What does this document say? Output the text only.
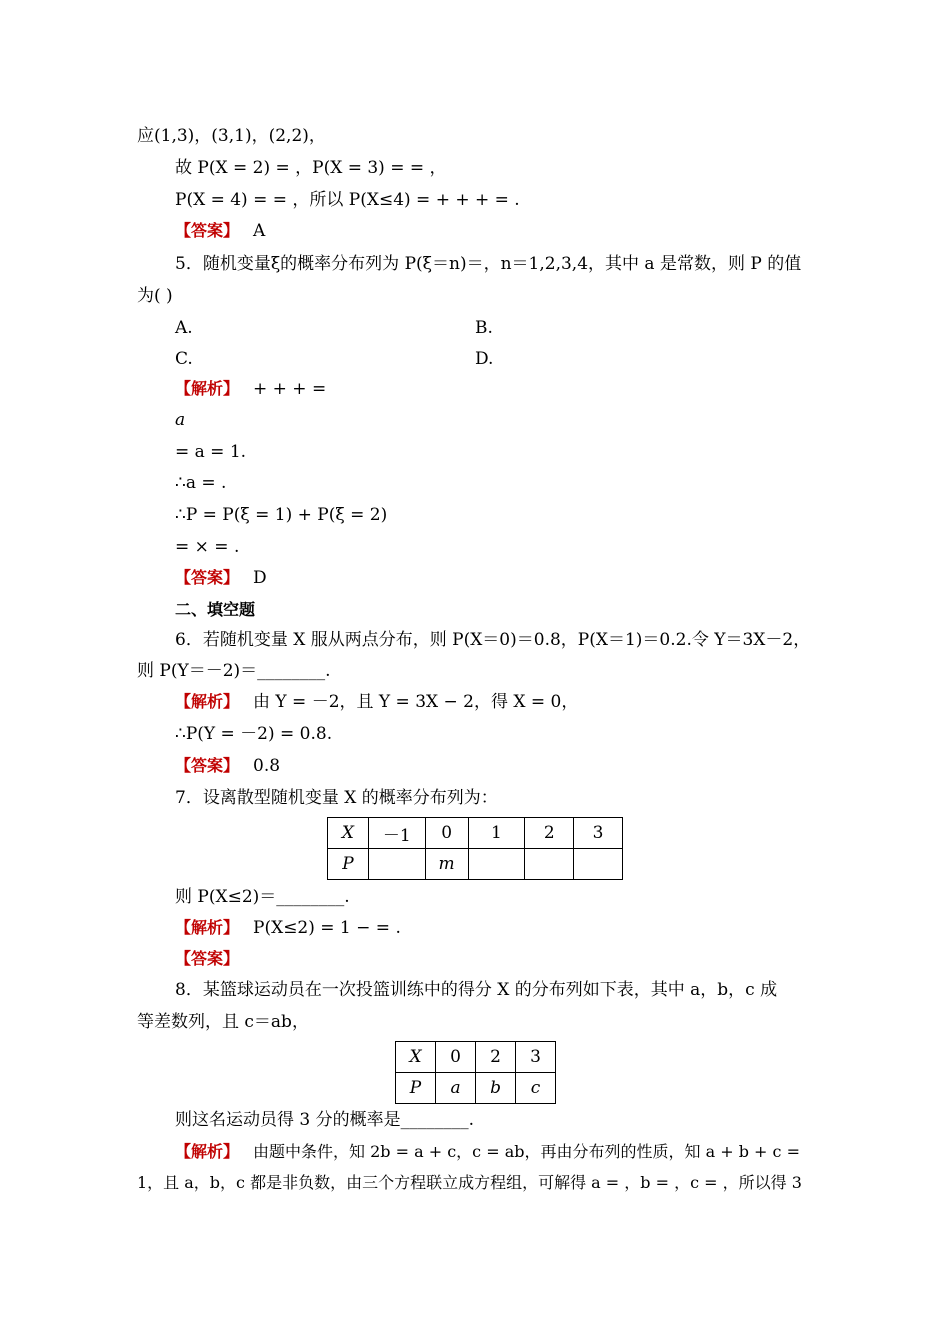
应(1,3)，(3,1)，(2,2)，
故 P(X = 2) = ，P(X = 3) = = ，
P(X = 4) = = ，所以 P(X≤4) = + + + = .
【答案】 A
5．随机变量ξ的概率分布列为 P(ξ＝n)＝，n＝1,2,3,4，其中 a 是常数，则 P 的值
为( )
A.	B.
C.	D.
【解析】 + + + =
a
= a = 1.
∴a = .
∴P = P(ξ = 1) + P(ξ = 2)
= × = .
【答案】 D
二、填空题
6．若随机变量 X 服从两点分布，则 P(X＝0)＝0.8，P(X＝1)＝0.2.令 Y＝3X－2，
则 P(Y＝－2)＝________.
【解析】 由 Y = －2，且 Y = 3X − 2，得 X = 0，
∴P(Y = －2) = 0.8.
【答案】 0.8
7．设离散型随机变量 X 的概率分布列为：
X	－1	0	1	2	3
P		m			
则 P(X≤2)＝________.
【解析】 P(X≤2) = 1 − = .
【答案】
8．某篮球运动员在一次投篮训练中的得分 X 的分布列如下表，其中 a，b，c 成
等差数列，且 c＝ab，
X	0	2	3
P	a	b	c
则这名运动员得 3 分的概率是________.
【解析】 由题中条件，知 2b = a + c，c = ab，再由分布列的性质，知 a + b + c =
1，且 a，b，c 都是非负数，由三个方程联立成方程组，可解得 a = ，b = ，c = ，所以得 3
